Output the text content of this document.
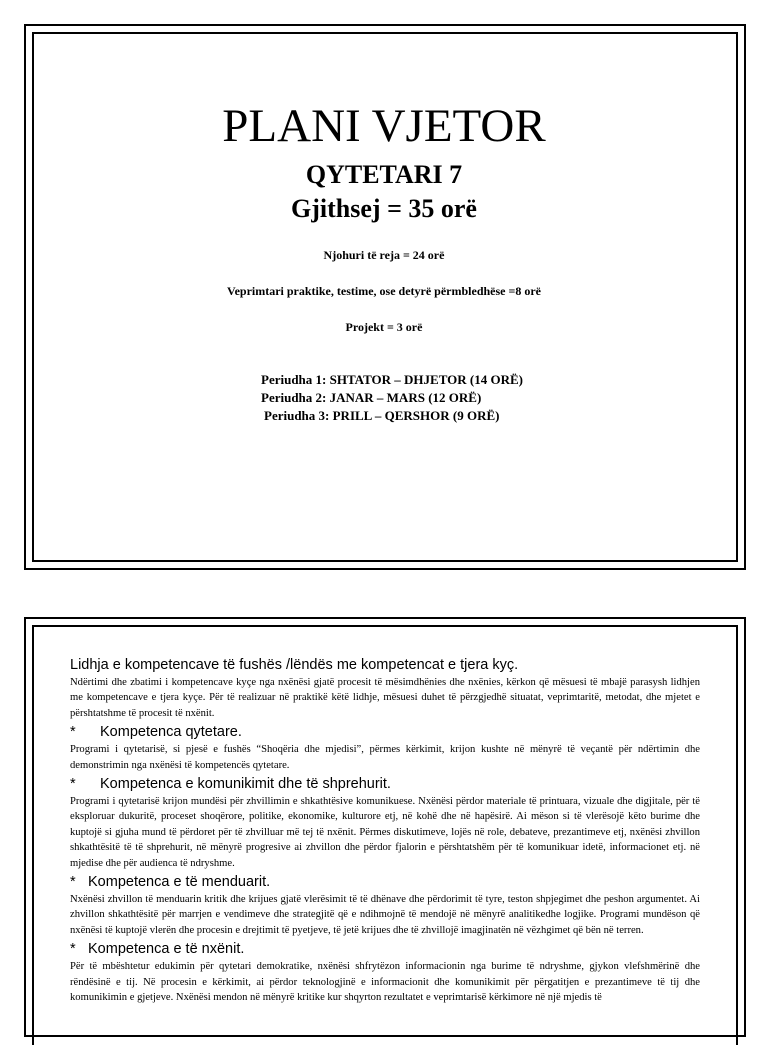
PLANI VJETOR
QYTETARI 7
Gjithsej = 35 orë
Njohuri të reja = 24 orë
Veprimtari praktike, testime, ose detyrë përmbledhëse =8 orë
Projekt = 3 orë
Periudha 1: SHTATOR – DHJETOR (14 ORË)
Periudha 2: JANAR – MARS (12 ORË)
Periudha 3: PRILL – QERSHOR (9 ORË)
Lidhja e kompetencave të fushës /lëndës me kompetencat e tjera kyç.
Ndërtimi dhe zbatimi i kompetencave kyçe nga nxënësi gjatë procesit të mësimdhënies dhe nxënies, kërkon që mësuesi të mbajë parasysh lidhjen me kompetencave e tjera kyçe. Për të realizuar në praktikë këtë lidhje, mësuesi duhet të përzgjedhë situatat, veprimtaritë, metodat, dhe mjetet e përshtatshme të procesit të nxënit.
* Kompetenca qytetare.
Programi i qytetarisë, si pjesë e fushës “Shoqëria dhe mjedisi”, përmes kërkimit, krijon kushte në mënyrë të veçantë për ndërtimin dhe demonstrimin nga nxënësi të kompetencës qytetare.
* Kompetenca e komunikimit dhe të shprehurit.
Programi i qytetarisë krijon mundësi për zhvillimin e shkathtësive komunikuese. Nxënësi përdor materiale të printuara, vizuale dhe digjitale, për të eksploruar dukuritë, proceset shoqërore, politike, ekonomike, kulturore etj, në kohë dhe në hapësirë. Ai mëson si të vlerësojë këto burime dhe kuptojë si gjuha mund të përdoret për të zhvilluar më tej të nxënit. Përmes diskutimeve, lojës në role, debateve, prezantimeve etj, nxënësi zhvillon shkathtësitë të të shprehurit, në mënyrë progresive ai zhvillon dhe përdor fjalorin e përshtatshëm për të komunikuar idetë, informacionet etj. në mjedise dhe për audienca të ndryshme.
* Kompetenca e të menduarit.
Nxënësi zhvillon të menduarin kritik dhe krijues gjatë vlerësimit të të dhënave dhe përdorimit të tyre, teston shpjegimet dhe peshon argumentet. Ai zhvillon shkathtësitë për marrjen e vendimeve dhe strategjitë që e ndihmojnë të mendojë në mënyrë analitikedhe logjike. Programi mundëson që nxënësi të kuptojë vlerën dhe procesin e drejtimit të pyetjeve, të jetë krijues dhe të zhvillojë imagjinatën në vëzhgimet që bën në terren.
* Kompetenca e të nxënit.
Për të mbështetur edukimin për qytetari demokratike, nxënësi shfrytëzon informacionin nga burime të ndryshme, gjykon vlefshmërinë dhe rëndësinë e tij. Në procesin e kërkimit, ai përdor teknologjinë e informacionit dhe komunikimit për përgatitjen e prezantimeve të tij dhe komunikimin e gjetjeve. Nxënësi mendon në mënyrë kritike kur shqyrton rezultatet e veprimtarisë kërkimore në një mjedis të
